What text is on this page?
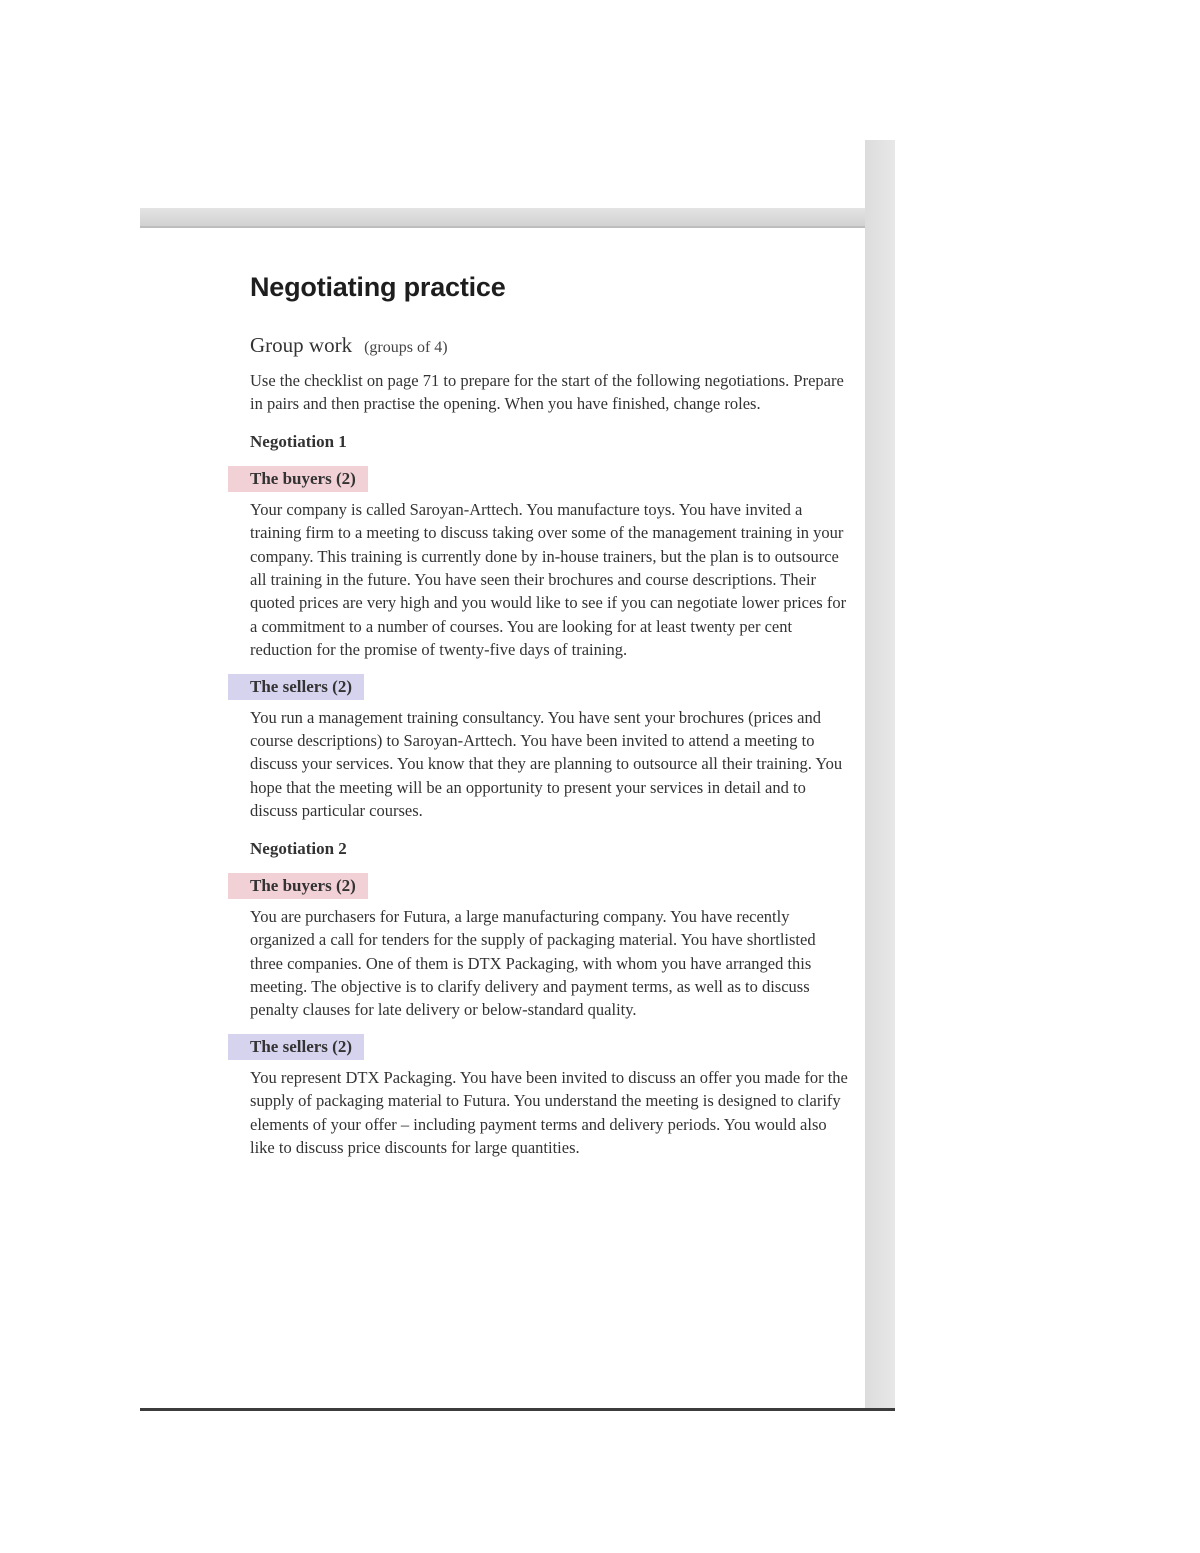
Negotiating practice
Group work (groups of 4)

Use the checklist on page 71 to prepare for the start of the following negotiations. Prepare in pairs and then practise the opening. When you have finished, change roles.

Negotiation 1
The buyers (2)

Your company is called Saroyan-Arttech. You manufacture toys. You have invited a training firm to a meeting to discuss taking over some of the management training in your company. This training is currently done by in-house trainers, but the plan is to outsource all training in the future. You have seen their brochures and course descriptions. Their quoted prices are very high and you would like to see if you can negotiate lower prices for a commitment to a number of courses. You are looking for at least twenty per cent reduction for the promise of twenty-five days of training.

The sellers (2)

You run a management training consultancy. You have sent your brochures (prices and course descriptions) to Saroyan-Arttech. You have been invited to attend a meeting to discuss your services. You know that they are planning to outsource all their training. You hope that the meeting will be an opportunity to present your services in detail and to discuss particular courses.

Negotiation 2
The buyers (2)

You are purchasers for Futura, a large manufacturing company. You have recently organized a call for tenders for the supply of packaging material. You have shortlisted three companies. One of them is DTX Packaging, with whom you have arranged this meeting. The objective is to clarify delivery and payment terms, as well as to discuss penalty clauses for late delivery or below-standard quality.

The sellers (2)

You represent DTX Packaging. You have been invited to discuss an offer you made for the supply of packaging material to Futura. You understand the meeting is designed to clarify elements of your offer – including payment terms and delivery periods. You would also like to discuss price discounts for large quantities.
